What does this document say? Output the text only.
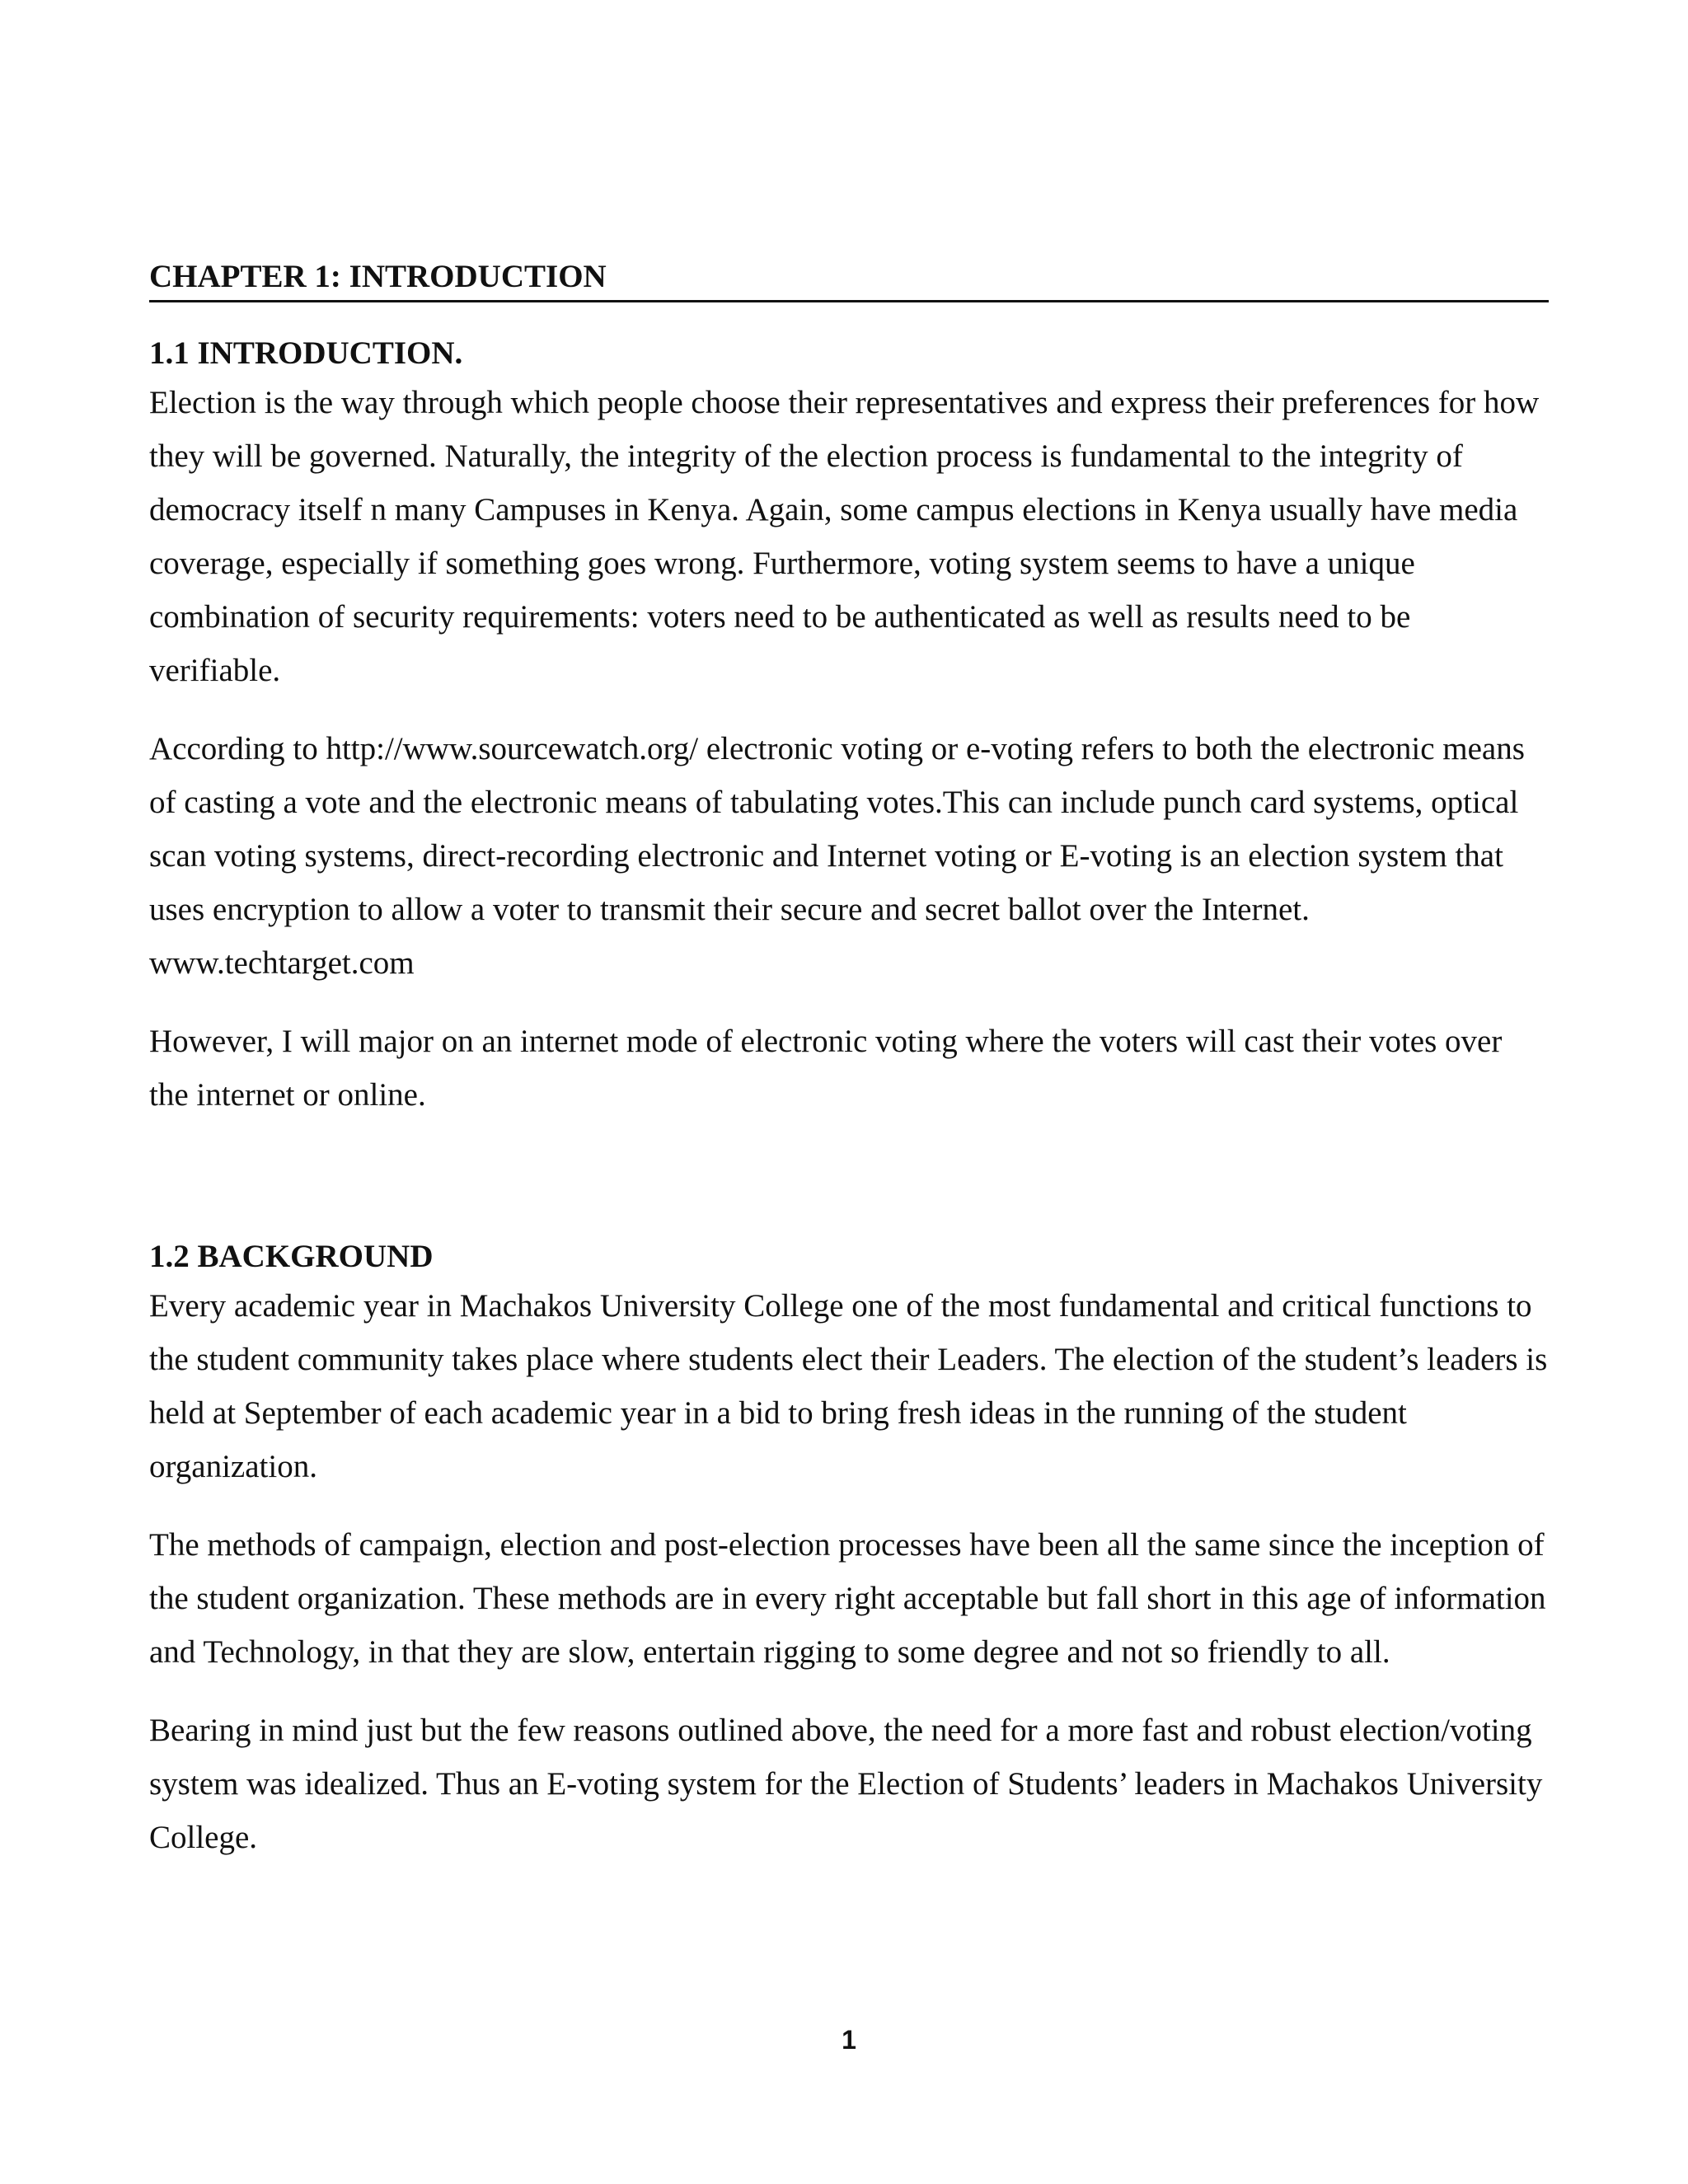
CHAPTER 1: INTRODUCTION
1.1 INTRODUCTION.

Election is the way through which people choose their representatives and express their preferences for how they will be governed. Naturally, the integrity of the election process is fundamental to the integrity of democracy itself n many Campuses in Kenya. Again, some campus elections in Kenya usually have media coverage, especially if something goes wrong. Furthermore, voting system seems to have a unique combination of security requirements: voters need to be authenticated as well as results need to be verifiable.

According to http://www.sourcewatch.org/ electronic voting or e-voting refers to both the electronic means of casting a vote and the electronic means of tabulating votes.This can include punch card systems, optical scan voting systems, direct-recording electronic and Internet voting or E-voting is an election system that uses encryption to allow a voter to transmit their secure and secret ballot over the Internet. www.techtarget.com

However, I will major on an internet mode of electronic voting where the voters will cast their votes over the internet or online.

1.2 BACKGROUND

Every academic year in Machakos University College one of the most fundamental and critical functions to the student community takes place where students elect their Leaders. The election of the student’s leaders is held at September of each academic year in a bid to bring fresh ideas in the running of the student organization.

The methods of campaign, election and post-election processes have been all the same since the inception of the student organization. These methods are in every right acceptable but fall short in this age of information and Technology, in that they are slow, entertain rigging to some degree and not so friendly to all.

Bearing in mind just but the few reasons outlined above, the need for a more fast and robust election/voting system was idealized. Thus an E-voting system for the Election of Students’ leaders in Machakos University College.

1
